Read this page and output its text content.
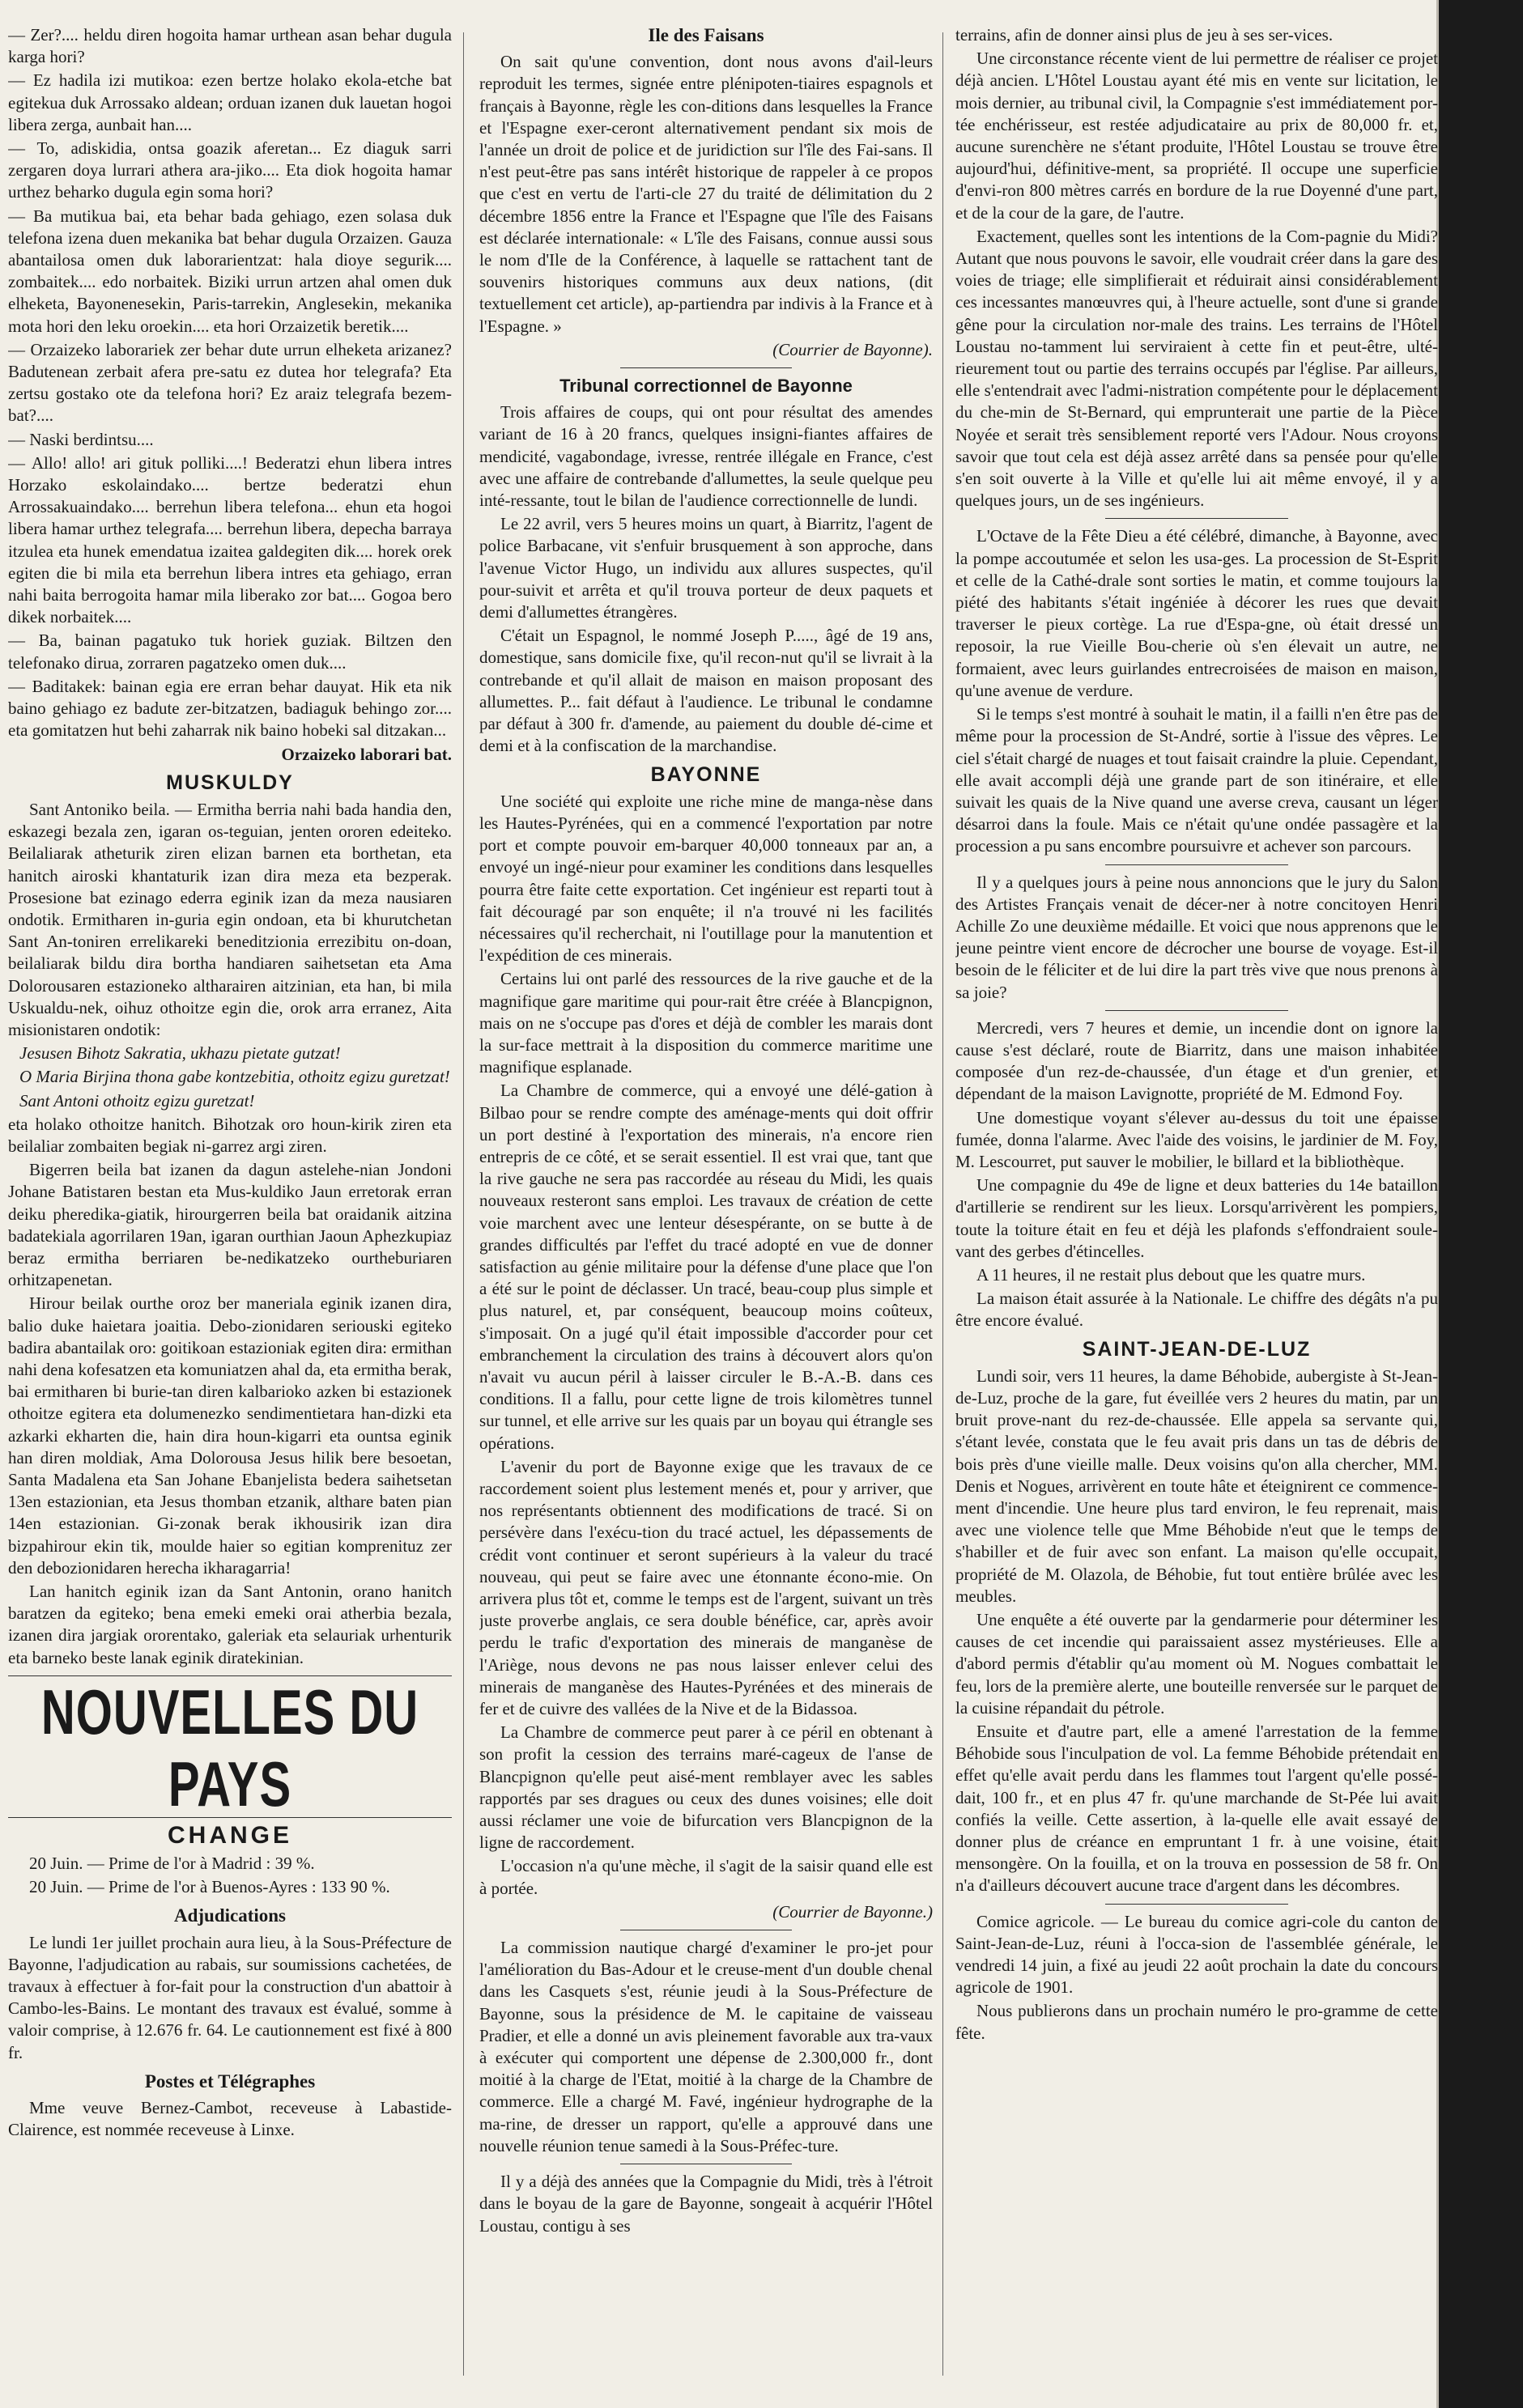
— Zer?.... heldu diren hogoita hamar urthean asan behar dugula karga hori?

— Ez hadila izi mutikoa: ezen bertze holako ekola-etche bat egitekua duk Arrossako aldean; orduan izanen duk lauetan hogoi libera zerga, aunbait han....

— To, adiskidia, ontsa goazik aferetan... Ez diaguk sarri zergaren doya lurrari athera ara-jiko.... Eta diok hogoita hamar urthez beharko dugula egin soma hori?

— Ba mutikua bai, eta behar bada gehiago, ezen solasa duk telefona izena duen mekanika bat behar dugula Orzaizen. Gauza abantailosa omen duk laborarientzat: hala dioye segurik.... zombaitek.... edo norbaitek. Biziki urrun artzen ahal omen duk elheketa, Bayonenesekin, Paris-tarrekin, Anglesekin, mekanika mota hori den leku oroekin.... eta hori Orzaizetik beretik....

— Orzaizeko laborariek zer behar dute urrun elheketa arizanez? Badutenean zerbait afera pre-satu ez dutea hor telegrafa? Eta zertsu gostako ote da telefona hori? Ez araiz telegrafa bezem-bat?....

— Naski berdintsu....

— Allo! allo! ari gituk polliki....! Bederatzi ehun libera intres Horzako eskolaindako.... bertze bederatzi ehun Arrossakuaindako.... berrehun libera telefona... ehun eta hogoi libera hamar urthez telegrafa.... berrehun libera, depecha barraya itzulea eta hunek emendatua izaitea galdegiten dik.... horek orek egiten die bi mila eta berrehun libera intres eta gehiago, erran nahi baita berrogoita hamar mila liberako zor bat.... Gogoa bero dikek norbaitek....

— Ba, bainan pagatuko tuk horiek guziak. Biltzen den telefonako dirua, zorraren pagatzeko omen duk....

— Baditakek: bainan egia ere erran behar dauyat. Hik eta nik baino gehiago ez badute zer-bitzatzen, badiaguk behingo zor.... eta gomitatzen hut behi zaharrak nik baino hobeki sal ditzakan...

Orzaizeko laborari bat.

MUSKULDY

Sant Antoniko beila. — Ermitha berria nahi bada handia den, eskazegi bezala zen, igaran os-teguian, jenten ororen edeiteko. Beilaliarak atheturik ziren elizan barnen eta borthetan, eta hanitch airoski khantaturik izan dira meza eta bezperak. Prosesione bat ezinago ederra eginik izan da meza nausiaren ondotik. Ermitharen in-guria egin ondoan, eta bi khurutchetan Sant An-toniren errelikareki beneditzionia errezibitu on-doan, beilaliarak bildu dira bortha handiaren saihetsetan eta Ama Dolorousaren estazioneko altharairen aitzinian, eta han, bi mila Uskualdu-nek, oihuz othoitze egin die, orok arra erranez, Aita misionistaren ondotik:

Jesusen Bihotz Sakratia, ukhazu pietate gutzat!

O Maria Birjina thona gabe kontzebitia, othoitz egizu guretzat!

Sant Antoni othoitz egizu guretzat!

eta holako othoitze hanitch. Bihotzak oro houn-kirik ziren eta beilaliar zombaiten begiak ni-garrez argi ziren.

Bigerren beila bat izanen da dagun astelehe-nian Jondoni Johane Batistaren bestan eta Mus-kuldiko Jaun erretorak erran deiku pheredika-giatik, hirourgerren beila bat oraidanik aitzina badatekiala agorrilaren 19an, igaran ourthian Jaoun Aphezkupiaz beraz ermitha berriaren be-nedikatzeko ourtheburiaren orhitzapenetan.

Hirour beilak ourthe oroz ber maneriala eginik izanen dira, balio duke haietara joaitia. Debo-zionidaren seriouski egiteko badira abantailak oro: goitikoan estazioniak egiten dira: ermithan nahi dena kofesatzen eta komuniatzen ahal da, eta ermitha berak, bai ermitharen bi burie-tan diren kalbarioko azken bi estazionek othoitze egitera eta dolumenezko sendimentietara han-dizki eta azkarki ekharten die, hain dira houn-kigarri eta ountsa eginik han diren moldiak, Ama Dolorousa Jesus hilik bere besoetan, Santa Madalena eta San Johane Ebanjelista bedera saihetsetan 13en estazionian, eta Jesus thomban etzanik, althare baten pian 14en estazionian. Gi-zonak berak ikhousirik izan dira bizpahirour ekin tik, moulde haier so egitian komprenituz zer den debozionidaren herecha ikharagarria!

Lan hanitch eginik izan da Sant Antonin, orano hanitch baratzen da egiteko; bena emeki emeki orai atherbia bezala, izanen dira jargiak ororentako, galeriak eta selauriak urhenturik eta barneko beste lanak eginik diratekinian.

NOUVELLES DU PAYS
CHANGE

20 Juin. — Prime de l'or à Madrid : 39 %.

20 Juin. — Prime de l'or à Buenos-Ayres : 133 90 %.

Adjudications

Le lundi 1er juillet prochain aura lieu, à la Sous-Préfecture de Bayonne, l'adjudication au rabais, sur soumissions cachetées, de travaux à effectuer à for-fait pour la construction d'un abattoir à Cambo-les-Bains. Le montant des travaux est évalué, somme à valoir comprise, à 12.676 fr. 64. Le cautionnement est fixé à 800 fr.

Postes et Télégraphes

Mme veuve Bernez-Cambot, receveuse à Labastide-Clairence, est nommée receveuse à Linxe.

Ile des Faisans

On sait qu'une convention, dont nous avons d'ail-leurs reproduit les termes, signée entre plénipoten-tiaires espagnols et français à Bayonne, règle les con-ditions dans lesquelles la France et l'Espagne exer-ceront alternativement pendant six mois de l'année un droit de police et de juridiction sur l'île des Fai-sans. Il n'est peut-être pas sans intérêt historique de rappeler à ce propos que c'est en vertu de l'arti-cle 27 du traité de délimitation du 2 décembre 1856 entre la France et l'Espagne que l'île des Faisans est déclarée internationale: « L'île des Faisans, connue aussi sous le nom d'Ile de la Conférence, à laquelle se rattachent tant de souvenirs historiques communs aux deux nations, (dit textuellement cet article), ap-partiendra par indivis à la France et à l'Espagne. »

(Courrier de Bayonne).

Tribunal correctionnel de Bayonne

Trois affaires de coups, qui ont pour résultat des amendes variant de 16 à 20 francs, quelques insigni-fiantes affaires de mendicité, vagabondage, ivresse, rentrée illégale en France, c'est avec une affaire de contrebande d'allumettes, la seule quelque peu inté-ressante, tout le bilan de l'audience correctionnelle de lundi.

Le 22 avril, vers 5 heures moins un quart, à Biarritz, l'agent de police Barbacane, vit s'enfuir brusquement à son approche, dans l'avenue Victor Hugo, un individu aux allures suspectes, qu'il pour-suivit et arrêta et qu'il trouva porteur de deux paquets et demi d'allumettes étrangères.

C'était un Espagnol, le nommé Joseph P....., âgé de 19 ans, domestique, sans domicile fixe, qu'il recon-nut qu'il se livrait à la contrebande et qu'il allait de maison en maison proposant des allumettes. P... fait défaut à l'audience. Le tribunal le condamne par défaut à 300 fr. d'amende, au paiement du double dé-cime et demi et à la confiscation de la marchandise.

BAYONNE

Une société qui exploite une riche mine de manga-nèse dans les Hautes-Pyrénées, qui en a commencé l'exportation par notre port et compte pouvoir em-barquer 40,000 tonneaux par an, a envoyé un ingé-nieur pour examiner les conditions dans lesquelles pourra être faite cette exportation. Cet ingénieur est reparti tout à fait découragé par son enquête; il n'a trouvé ni les facilités nécessaires qu'il recherchait, ni l'outillage pour la manutention et l'expédition de ces minerais.

Certains lui ont parlé des ressources de la rive gauche et de la magnifique gare maritime qui pour-rait être créée à Blancpignon, mais on ne s'occupe pas d'ores et déjà de combler les marais dont la sur-face mettrait à la disposition du commerce maritime une magnifique esplanade.

La Chambre de commerce, qui a envoyé une délé-gation à Bilbao pour se rendre compte des aménage-ments qui doit offrir un port destiné à l'exportation des minerais, n'a encore rien entrepris de ce côté, et se serait essentiel. Il est vrai que, tant que la rive gauche ne sera pas raccordée au réseau du Midi, les quais nouveaux resteront sans emploi. Les travaux de création de cette voie marchent avec une lenteur désespérante, on se butte à de grandes difficultés par l'effet du tracé adopté en vue de donner satisfaction au génie militaire pour la défense d'une place que l'on a été sur le point de déclasser. Un tracé, beau-coup plus simple et plus naturel, et, par conséquent, beaucoup moins coûteux, s'imposait. On a jugé qu'il était impossible d'accorder pour cet embranchement la circulation des trains à découvert alors qu'on n'avait vu aucun péril à laisser circuler le B.-A.-B. dans ces conditions. Il a fallu, pour cette ligne de trois kilomètres tunnel sur tunnel, et elle arrive sur les quais par un boyau qui étrangle ses opérations.

L'avenir du port de Bayonne exige que les travaux de ce raccordement soient plus lestement menés et, pour y arriver, que nos représentants obtiennent des modifications de tracé. Si on persévère dans l'exécu-tion du tracé actuel, les dépassements de crédit vont continuer et seront supérieurs à la valeur du tracé nouveau, qui peut se faire avec une étonnante écono-mie. On arrivera plus tôt et, comme le temps est de l'argent, suivant un très juste proverbe anglais, ce sera double bénéfice, car, après avoir perdu le trafic d'exportation des minerais de manganèse de l'Ariège, nous devons ne pas nous laisser enlever celui des minerais de manganèse des Hautes-Pyrénées et des minerais de fer et de cuivre des vallées de la Nive et de la Bidassoa.

La Chambre de commerce peut parer à ce péril en obtenant à son profit la cession des terrains maré-cageux de l'anse de Blancpignon qu'elle peut aisé-ment remblayer avec les sables rapportés par ses dragues ou ceux des dunes voisines; elle doit aussi réclamer une voie de bifurcation vers Blancpignon de la ligne de raccordement.

L'occasion n'a qu'une mèche, il s'agit de la saisir quand elle est à portée.

(Courrier de Bayonne.)

La commission nautique chargé d'examiner le pro-jet pour l'amélioration du Bas-Adour et le creuse-ment d'un double chenal dans les Casquets s'est, réunie jeudi à la Sous-Préfecture de Bayonne, sous la présidence de M. le capitaine de vaisseau Pradier, et elle a donné un avis pleinement favorable aux tra-vaux à exécuter qui comportent une dépense de 2.300,000 fr., dont moitié à la charge de l'Etat, moitié à la charge de la Chambre de commerce. Elle a chargé M. Favé, ingénieur hydrographe de la ma-rine, de dresser un rapport, qu'elle a approuvé dans une nouvelle réunion tenue samedi à la Sous-Préfec-ture.

Il y a déjà des années que la Compagnie du Midi, très à l'étroit dans le boyau de la gare de Bayonne, songeait à acquérir l'Hôtel Loustau, contigu à ses

terrains, afin de donner ainsi plus de jeu à ses ser-vices.

Une circonstance récente vient de lui permettre de réaliser ce projet déjà ancien. L'Hôtel Loustau ayant été mis en vente sur licitation, le mois dernier, au tribunal civil, la Compagnie s'est immédiatement por-tée enchérisseur, est restée adjudicataire au prix de 80,000 fr. et, aucune surenchère ne s'étant produite, l'Hôtel Loustau se trouve être aujourd'hui, définitive-ment, sa propriété. Il occupe une superficie d'envi-ron 800 mètres carrés en bordure de la rue Doyenné d'une part, et de la cour de la gare, de l'autre.

Exactement, quelles sont les intentions de la Com-pagnie du Midi? Autant que nous pouvons le savoir, elle voudrait créer dans la gare des voies de triage; elle simplifierait et réduirait ainsi considérablement ces incessantes manœuvres qui, à l'heure actuelle, sont d'une si grande gêne pour la circulation nor-male des trains. Les terrains de l'Hôtel Loustau no-tamment lui serviraient à cette fin et peut-être, ulté-rieurement tout ou partie des terrains occupés par l'église. Par ailleurs, elle s'entendrait avec l'admi-nistration compétente pour le déplacement du che-min de St-Bernard, qui emprunterait une partie de la Pièce Noyée et serait très sensiblement reporté vers l'Adour. Nous croyons savoir que tout cela est déjà assez arrêté dans sa pensée pour qu'elle s'en soit ouverte à la Ville et qu'elle lui ait même envoyé, il y a quelques jours, un de ses ingénieurs.

L'Octave de la Fête Dieu a été célébré, dimanche, à Bayonne, avec la pompe accoutumée et selon les usa-ges. La procession de St-Esprit et celle de la Cathé-drale sont sorties le matin, et comme toujours la piété des habitants s'était ingéniée à décorer les rues que devait traverser le pieux cortège. La rue d'Espa-gne, où était dressé un reposoir, la rue Vieille Bou-cherie où s'en élevait un autre, ne formaient, avec leurs guirlandes entrecroisées de maison en maison, qu'une avenue de verdure.

Si le temps s'est montré à souhait le matin, il a failli n'en être pas de même pour la procession de St-André, sortie à l'issue des vêpres. Le ciel s'était chargé de nuages et tout faisait craindre la pluie. Cependant, elle avait accompli déjà une grande part de son itinéraire, et elle suivait les quais de la Nive quand une averse creva, causant un léger désarroi dans la foule. Mais ce n'était qu'une ondée passagère et la procession a pu sans encombre poursuivre et achever son parcours.

Il y a quelques jours à peine nous annoncions que le jury du Salon des Artistes Français venait de décer-ner à notre concitoyen Henri Achille Zo une deuxième médaille. Et voici que nous apprenons que le jeune peintre vient encore de décrocher une bourse de voyage. Est-il besoin de le féliciter et de lui dire la part très vive que nous prenons à sa joie?

Mercredi, vers 7 heures et demie, un incendie dont on ignore la cause s'est déclaré, route de Biarritz, dans une maison inhabitée composée d'un rez-de-chaussée, d'un étage et d'un grenier, et dépendant de la maison Lavignotte, propriété de M. Edmond Foy.

Une domestique voyant s'élever au-dessus du toit une épaisse fumée, donna l'alarme. Avec l'aide des voisins, le jardinier de M. Foy, M. Lescourret, put sauver le mobilier, le billard et la bibliothèque.

Une compagnie du 49e de ligne et deux batteries du 14e bataillon d'artillerie se rendirent sur les lieux. Lorsqu'arrivèrent les pompiers, toute la toiture était en feu et déjà les plafonds s'effondraient soule-vant des gerbes d'étincelles.

A 11 heures, il ne restait plus debout que les quatre murs.

La maison était assurée à la Nationale. Le chiffre des dégâts n'a pu être encore évalué.

SAINT-JEAN-DE-LUZ

Lundi soir, vers 11 heures, la dame Béhobide, aubergiste à St-Jean-de-Luz, proche de la gare, fut éveillée vers 2 heures du matin, par un bruit prove-nant du rez-de-chaussée. Elle appela sa servante qui, s'étant levée, constata que le feu avait pris dans un tas de débris de bois près d'une vieille malle. Deux voisins qu'on alla chercher, MM. Denis et Nogues, arrivèrent en toute hâte et éteignirent ce commence-ment d'incendie. Une heure plus tard environ, le feu reprenait, mais avec une violence telle que Mme Béhobide n'eut que le temps de s'habiller et de fuir avec son enfant. La maison qu'elle occupait, propriété de M. Olazola, de Béhobie, fut tout entière brûlée avec les meubles.

Une enquête a été ouverte par la gendarmerie pour déterminer les causes de cet incendie qui paraissaient assez mystérieuses. Elle a d'abord permis d'établir qu'au moment où M. Nogues combattait le feu, lors de la première alerte, une bouteille renversée sur le parquet de la cuisine répandait du pétrole.

Ensuite et d'autre part, elle a amené l'arrestation de la femme Béhobide sous l'inculpation de vol. La femme Béhobide prétendait en effet qu'elle avait perdu dans les flammes tout l'argent qu'elle possé-dait, 100 fr., et en plus 47 fr. qu'une marchande de St-Pée lui avait confiés la veille. Cette assertion, à la-quelle elle avait essayé de donner plus de créance en empruntant 1 fr. à une voisine, était mensongère. On la fouilla, et on la trouva en possession de 58 fr. On n'a d'ailleurs découvert aucune trace d'argent dans les décombres.

Comice agricole. — Le bureau du comice agri-cole du canton de Saint-Jean-de-Luz, réuni à l'occa-sion de l'assemblée générale, le vendredi 14 juin, a fixé au jeudi 22 août prochain la date du concours agricole de 1901.

Nous publierons dans un prochain numéro le pro-gramme de cette fête.
